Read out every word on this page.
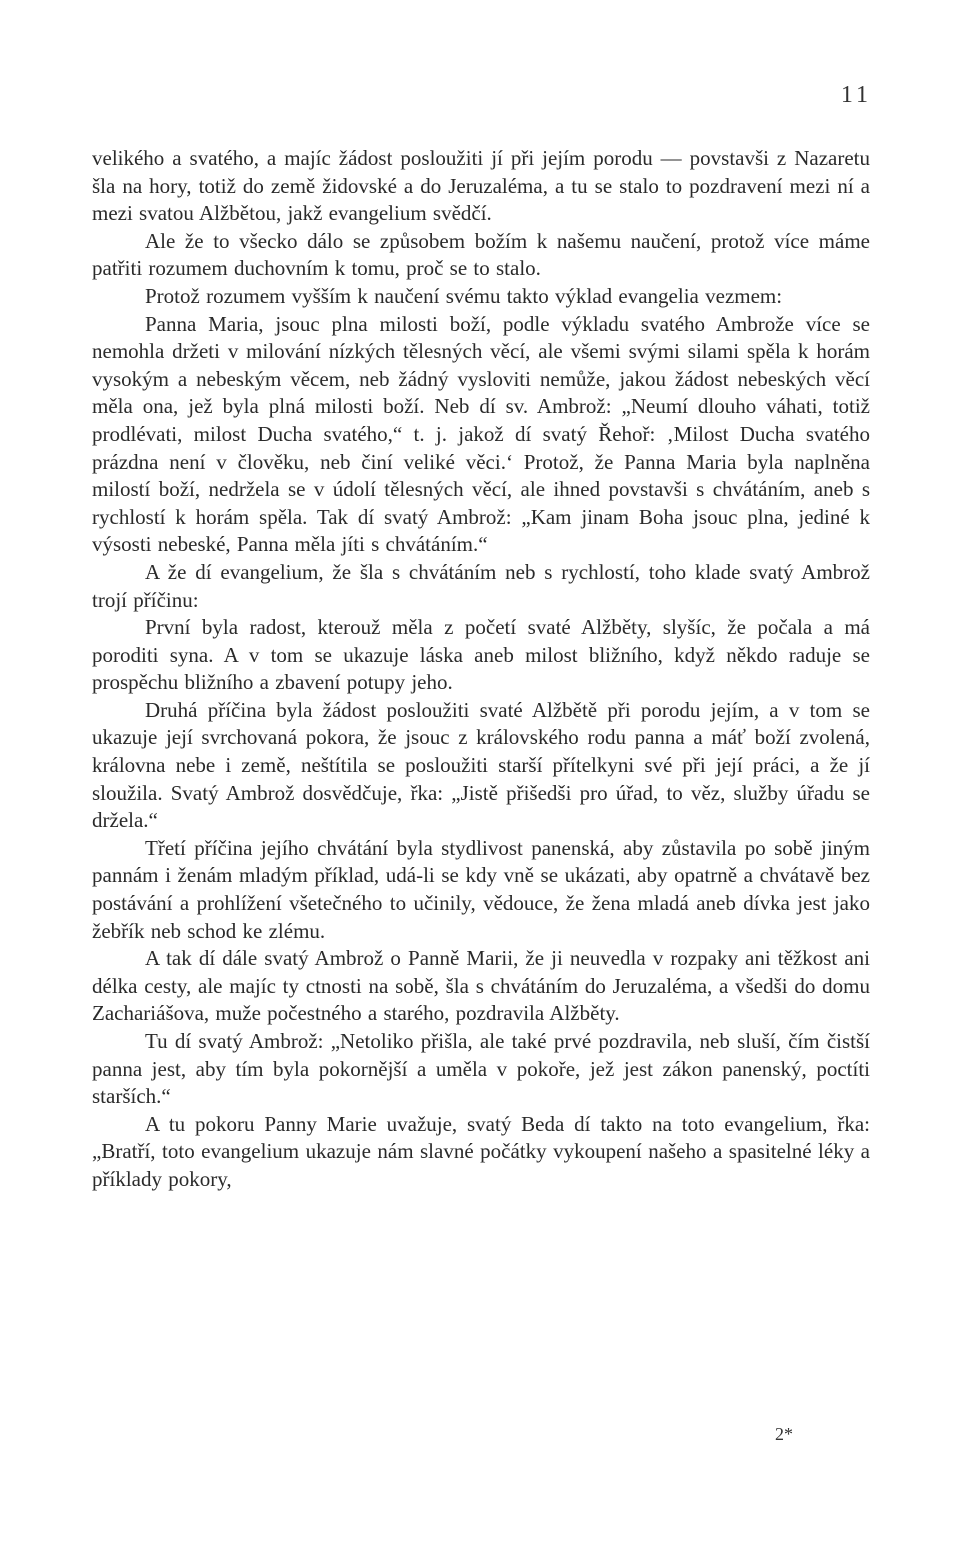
11

velikého a svatého, a majíc žádost posloužiti jí při jejím porodu — povstavši z Nazaretu šla na hory, totiž do země židovské a do Jeruzaléma, a tu se stalo to pozdravení mezi ní a mezi svatou Alžbětou, jakž evangelium svědčí.

Ale že to všecko dálo se způsobem božím k našemu naučení, protož více máme patřiti rozumem duchovním k tomu, proč se to stalo.

Protož rozumem vyšším k naučení svému takto výklad evangelia vezmem:

Panna Maria, jsouc plna milosti boží, podle výkladu svatého Ambrože více se nemohla držeti v milování nízkých tělesných věcí, ale všemi svými silami spěla k horám vysokým a nebeským věcem, neb žádný vysloviti nemůže, jakou žádost nebeských věcí měla ona, jež byla plná milosti boží. Neb dí sv. Ambrož: „Neumí dlouho váhati, totiž prodlévati, milost Ducha svatého,“ t. j. jakož dí svatý Řehoř: ‚Milost Ducha svatého prázdna není v člověku, neb činí veliké věci.‘ Protož, že Panna Maria byla naplněna milostí boží, nedržela se v údolí tělesných věcí, ale ihned povstavši s chvátáním, aneb s rychlostí k horám spěla. Tak dí svatý Ambrož: „Kam jinam Boha jsouc plna, jediné k výsosti nebeské, Panna měla jíti s chvátáním.“

A že dí evangelium, že šla s chvátáním neb s rychlostí, toho klade svatý Ambrož trojí příčinu:

První byla radost, kterouž měla z početí svaté Alžběty, slyšíc, že počala a má poroditi syna. A v tom se ukazuje láska aneb milost bližního, když někdo raduje se prospěchu bližního a zbavení potupy jeho.

Druhá příčina byla žádost posloužiti svaté Alžbětě při porodu jejím, a v tom se ukazuje její svrchovaná pokora, že jsouc z královského rodu panna a máť boží zvolená, královna nebe i země, neštítila se posloužiti starší přítelkyni své při její práci, a že jí sloužila. Svatý Ambrož dosvědčuje, řka: „Jistě přišedši pro úřad, to věz, služby úřadu se držela.“

Třetí příčina jejího chvátání byla stydlivost panenská, aby zůstavila po sobě jiným pannám i ženám mladým příklad, udá-li se kdy vně se ukázati, aby opatrně a chvátavě bez postávání a prohlížení všetečného to učinily, vědouce, že žena mladá aneb dívka jest jako žebřík neb schod ke zlému.

A tak dí dále svatý Ambrož o Panně Marii, že ji neuvedla v rozpaky ani těžkost ani délka cesty, ale majíc ty ctnosti na sobě, šla s chvátáním do Jeruzaléma, a všedši do domu Zachariášova, muže počestného a starého, pozdravila Alžběty.

Tu dí svatý Ambrož: „Netoliko přišla, ale také prvé pozdravila, neb sluší, čím čistší panna jest, aby tím byla pokornější a uměla v pokoře, jež jest zákon panenský, poctíti starších.“

A tu pokoru Panny Marie uvažuje, svatý Beda dí takto na toto evangelium, řka: „Bratří, toto evangelium ukazuje nám slavné počátky vykoupení našeho a spasitelné léky a příklady pokory,

2*
